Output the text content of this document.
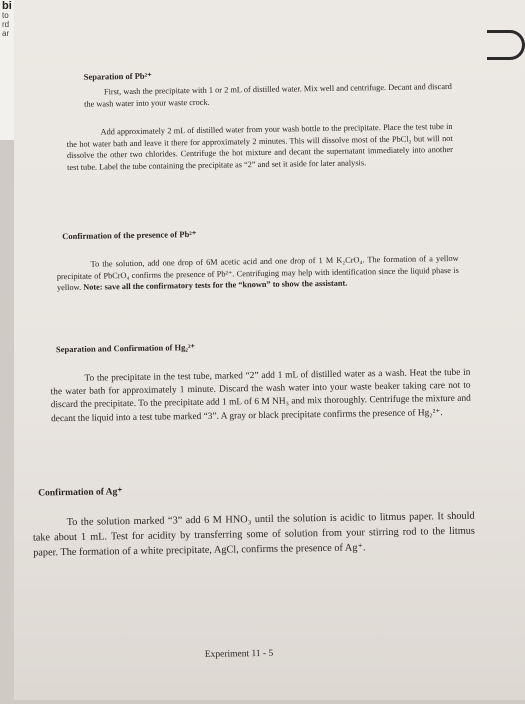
bi
to
rd
ar
Separation of Pb²⁺

First, wash the precipitate with 1 or 2 mL of distilled water. Mix well and centrifuge. Decant and discard the wash water into your waste crock.

Add approximately 2 mL of distilled water from your wash bottle to the precipitate. Place the test tube in the hot water bath and leave it there for approximately 2 minutes. This will dissolve most of the PbCl₂ but will not dissolve the other two chlorides. Centrifuge the hot mixture and decant the supernatant immediately into another test tube. Label the tube containing the precipitate as “2” and set it aside for later analysis.

Confirmation of the presence of Pb²⁺

To the solution, add one drop of 6M acetic acid and one drop of 1 M K₂CrO₄. The formation of a yellow precipitate of PbCrO₄ confirms the presence of Pb²⁺. Centrifuging may help with identification since the liquid phase is yellow. Note: save all the confirmatory tests for the “known” to show the assistant.

Separation and Confirmation of Hg₂²⁺

To the precipitate in the test tube, marked “2” add 1 mL of distilled water as a wash. Heat the tube in the water bath for approximately 1 minute. Discard the wash water into your waste beaker taking care not to discard the precipitate. To the precipitate add 1 mL of 6 M NH₃ and mix thoroughly. Centrifuge the mixture and decant the liquid into a test tube marked “3”. A gray or black precipitate confirms the presence of Hg₂²⁺.

Confirmation of Ag⁺

To the solution marked “3” add 6 M HNO₃ until the solution is acidic to litmus paper. It should take about 1 mL. Test for acidity by transferring some of solution from your stirring rod to the litmus paper. The formation of a white precipitate, AgCl, confirms the presence of Ag⁺.

Experiment 11 - 5
